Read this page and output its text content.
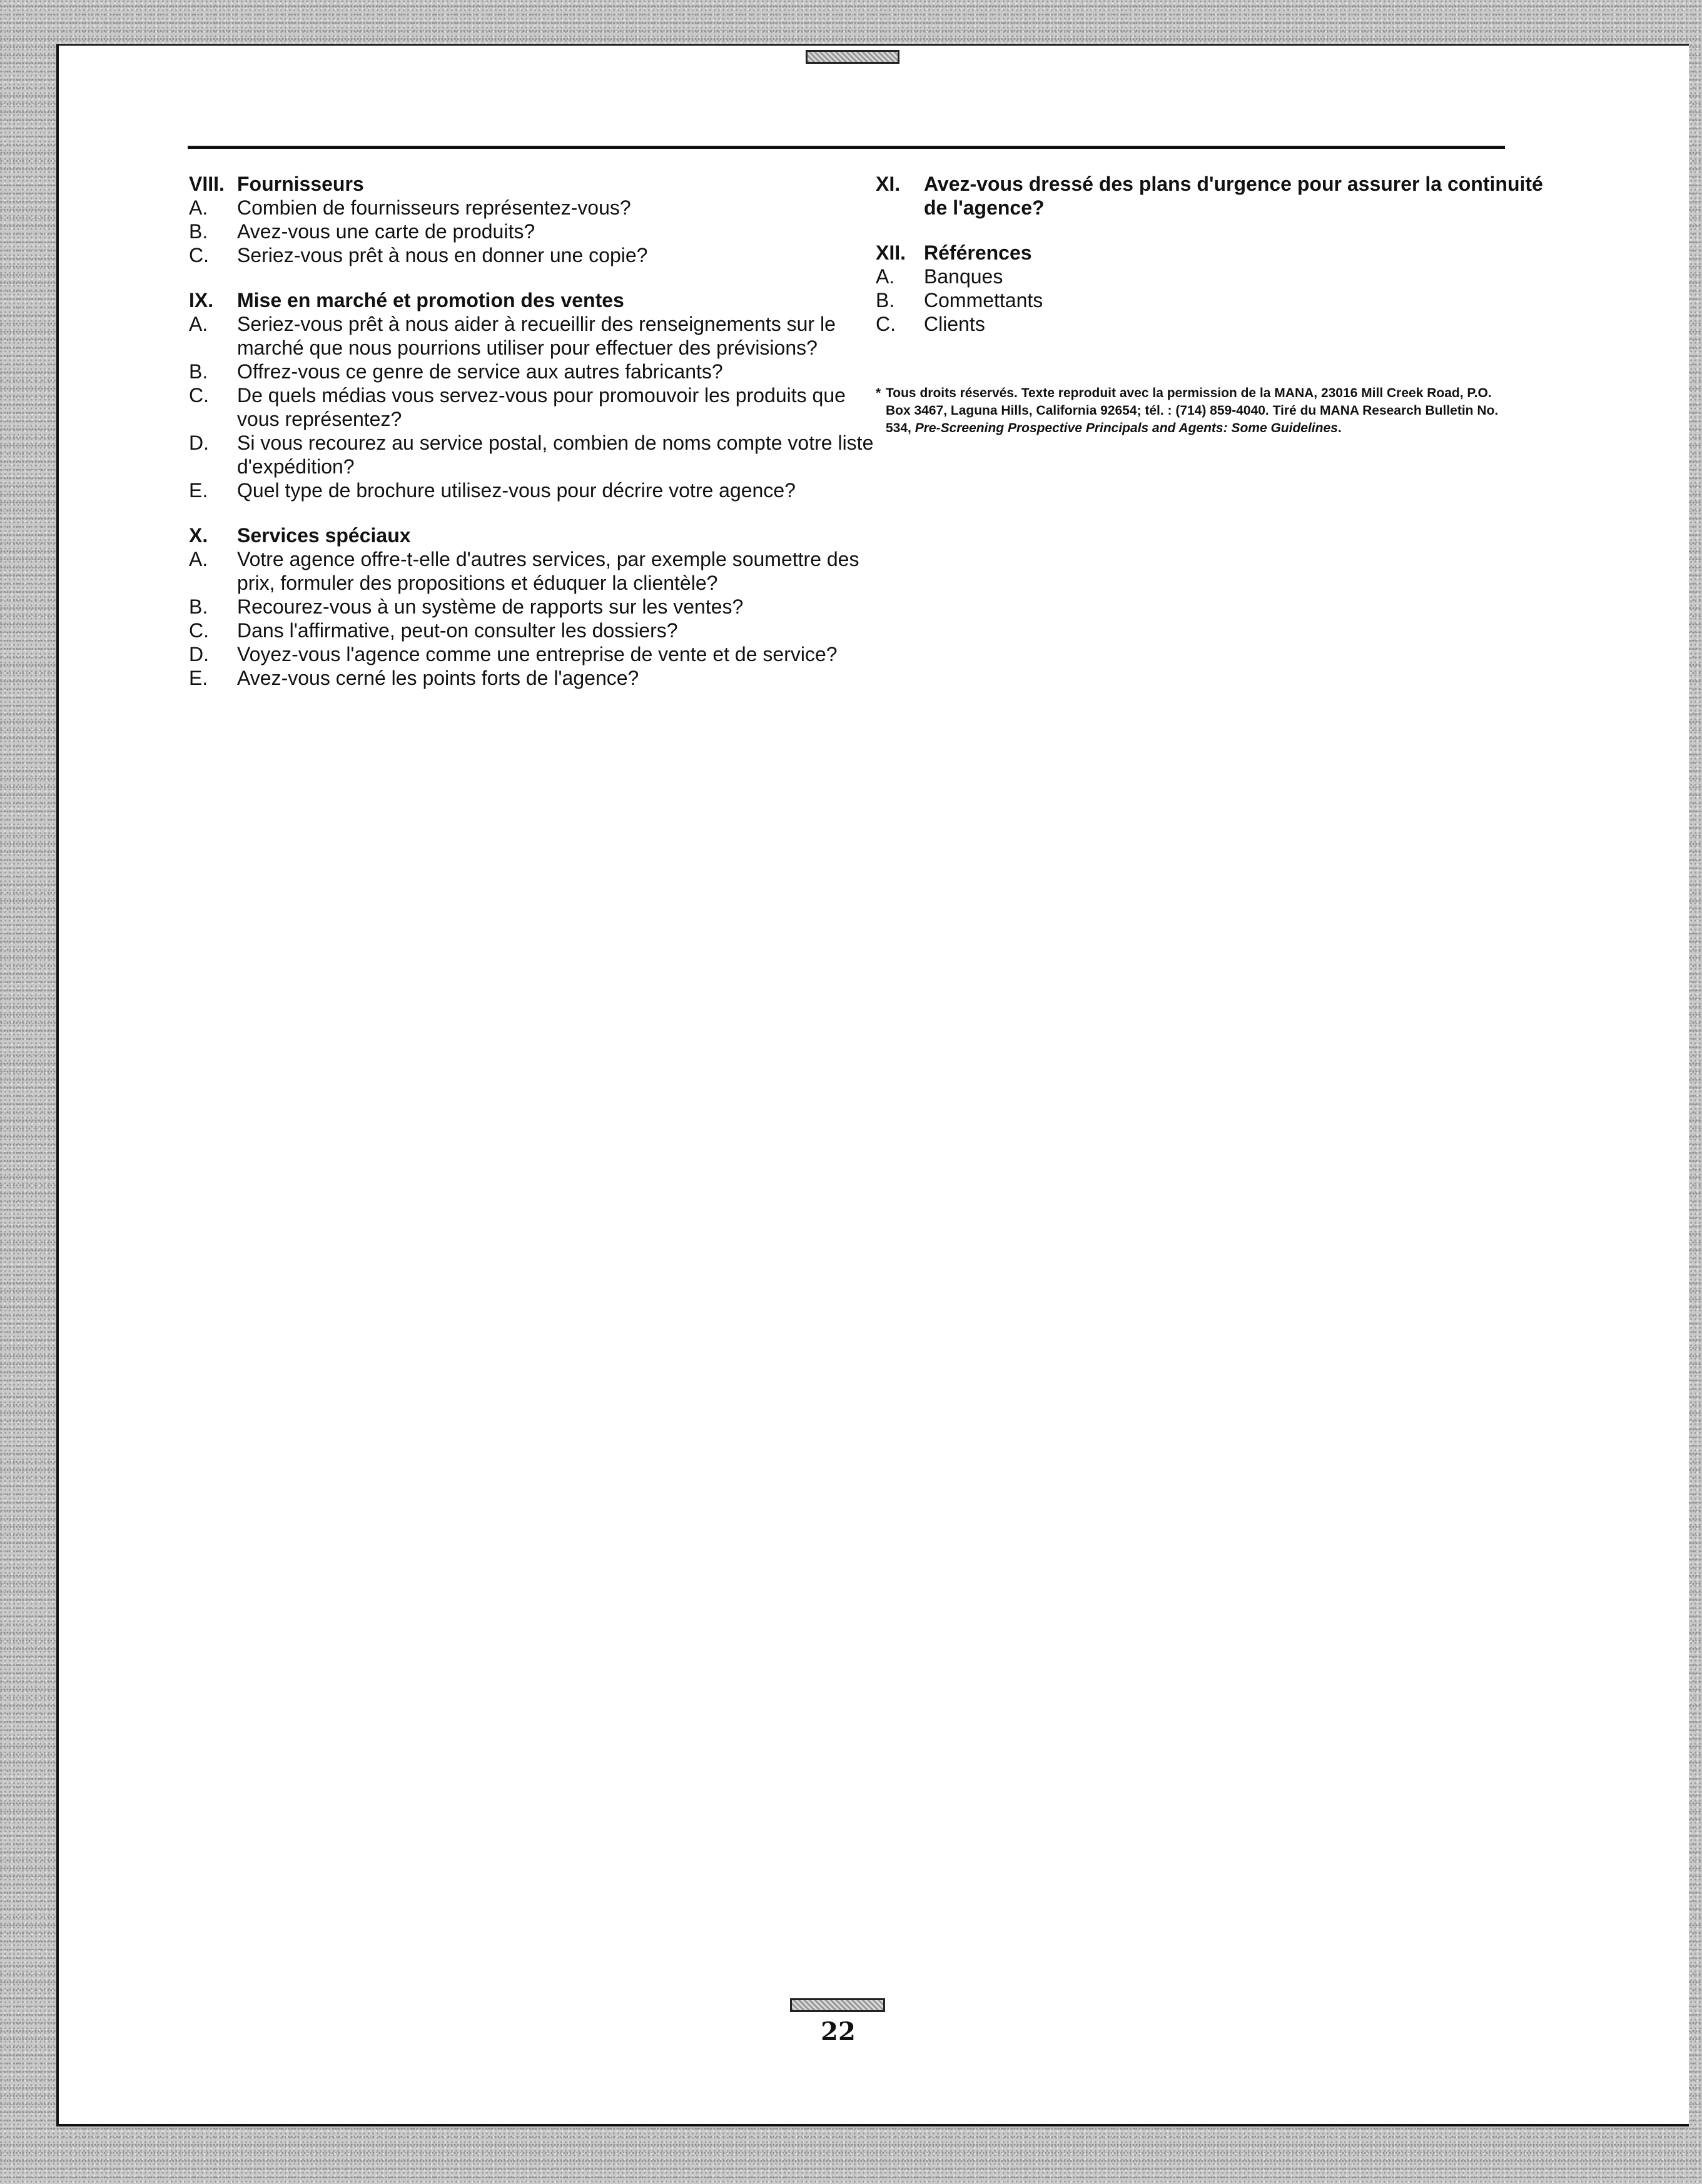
VIII. Fournisseurs
A.	Combien de fournisseurs représentez-vous?
B.	Avez-vous une carte de produits?
C.	Seriez-vous prêt à nous en donner une copie?
IX.	Mise en marché et promotion des ventes
A.	Seriez-vous prêt à nous aider à recueillir des renseignements sur le marché que nous pourrions utiliser pour effectuer des prévisions?
B.	Offrez-vous ce genre de service aux autres fabricants?
C.	De quels médias vous servez-vous pour promouvoir les produits que vous représentez?
D.	Si vous recourez au service postal, combien de noms compte votre liste d'expédition?
E.	Quel type de brochure utilisez-vous pour décrire votre agence?
X.	Services spéciaux
A.	Votre agence offre-t-elle d'autres services, par exemple soumettre des prix, formuler des propositions et éduquer la clientèle?
B.	Recourez-vous à un système de rapports sur les ventes?
C.	Dans l'affirmative, peut-on consulter les dossiers?
D.	Voyez-vous l'agence comme une entreprise de vente et de service?
E.	Avez-vous cerné les points forts de l'agence?
XI.	Avez-vous dressé des plans d'urgence pour assurer la continuité de l'agence?
XII. Références
A.	Banques
B.	Commettants
C.	Clients
* Tous droits réservés. Texte reproduit avec la permission de la MANA, 23016 Mill Creek Road, P.O. Box 3467, Laguna Hills, California 92654; tél. : (714) 859-4040. Tiré du MANA Research Bulletin No. 534, Pre-Screening Prospective Principals and Agents: Some Guidelines.
22
